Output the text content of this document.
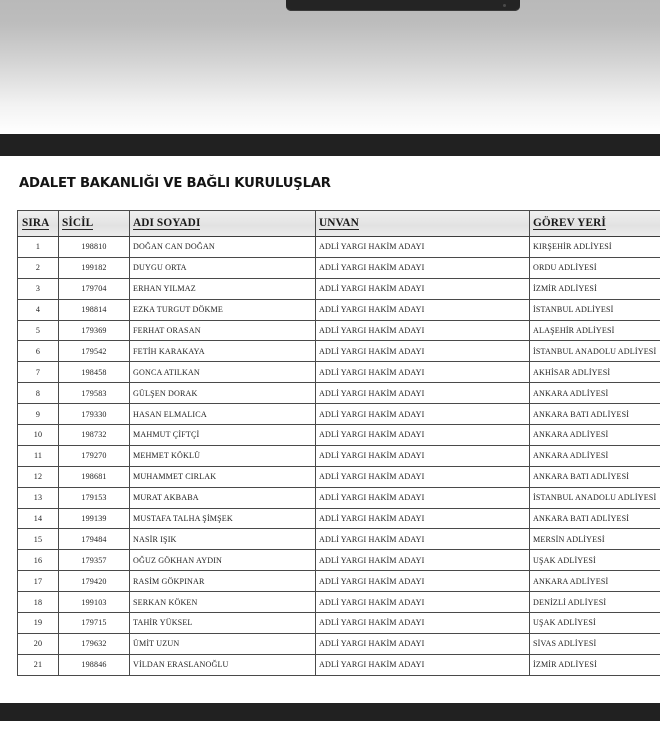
ADALET BAKANLIĞI VE BAĞLI KURULUŞLAR
SIRA	SİCİL	ADI SOYADI	UNVAN	GÖREV YERİ
1	198810	DOĞAN CAN DOĞAN	ADLİ YARGI HAKİM ADAYI	KIRŞEHİR ADLİYESİ
2	199182	DUYGU ORTA	ADLİ YARGI HAKİM ADAYI	ORDU ADLİYESİ
3	179704	ERHAN YILMAZ	ADLİ YARGI HAKİM ADAYI	İZMİR ADLİYESİ
4	198814	EZKA TURGUT DÖKME	ADLİ YARGI HAKİM ADAYI	İSTANBUL ADLİYESİ
5	179369	FERHAT ORASAN	ADLİ YARGI HAKİM ADAYI	ALAŞEHİR ADLİYESİ
6	179542	FETİH KARAKAYA	ADLİ YARGI HAKİM ADAYI	İSTANBUL ANADOLU ADLİYESİ
7	198458	GONCA ATILKAN	ADLİ YARGI HAKİM ADAYI	AKHİSAR ADLİYESİ
8	179583	GÜLŞEN DORAK	ADLİ YARGI HAKİM ADAYI	ANKARA ADLİYESİ
9	179330	HASAN ELMALICA	ADLİ YARGI HAKİM ADAYI	ANKARA BATI ADLİYESİ
10	198732	MAHMUT ÇİFTÇİ	ADLİ YARGI HAKİM ADAYI	ANKARA ADLİYESİ
11	179270	MEHMET KÖKLÜ	ADLİ YARGI HAKİM ADAYI	ANKARA ADLİYESİ
12	198681	MUHAMMET CIRLAK	ADLİ YARGI HAKİM ADAYI	ANKARA BATI ADLİYESİ
13	179153	MURAT AKBABA	ADLİ YARGI HAKİM ADAYI	İSTANBUL ANADOLU ADLİYESİ
14	199139	MUSTAFA TALHA ŞİMŞEK	ADLİ YARGI HAKİM ADAYI	ANKARA BATI ADLİYESİ
15	179484	NASİR IŞIK	ADLİ YARGI HAKİM ADAYI	MERSİN ADLİYESİ
16	179357	OĞUZ GÖKHAN AYDIN	ADLİ YARGI HAKİM ADAYI	UŞAK ADLİYESİ
17	179420	RASİM GÖKPINAR	ADLİ YARGI HAKİM ADAYI	ANKARA ADLİYESİ
18	199103	SERKAN KÖKEN	ADLİ YARGI HAKİM ADAYI	DENİZLİ ADLİYESİ
19	179715	TAHİR YÜKSEL	ADLİ YARGI HAKİM ADAYI	UŞAK ADLİYESİ
20	179632	ÜMİT UZUN	ADLİ YARGI HAKİM ADAYI	SİVAS ADLİYESİ
21	198846	VİLDAN ERASLANOĞLU	ADLİ YARGI HAKİM ADAYI	İZMİR ADLİYESİ
